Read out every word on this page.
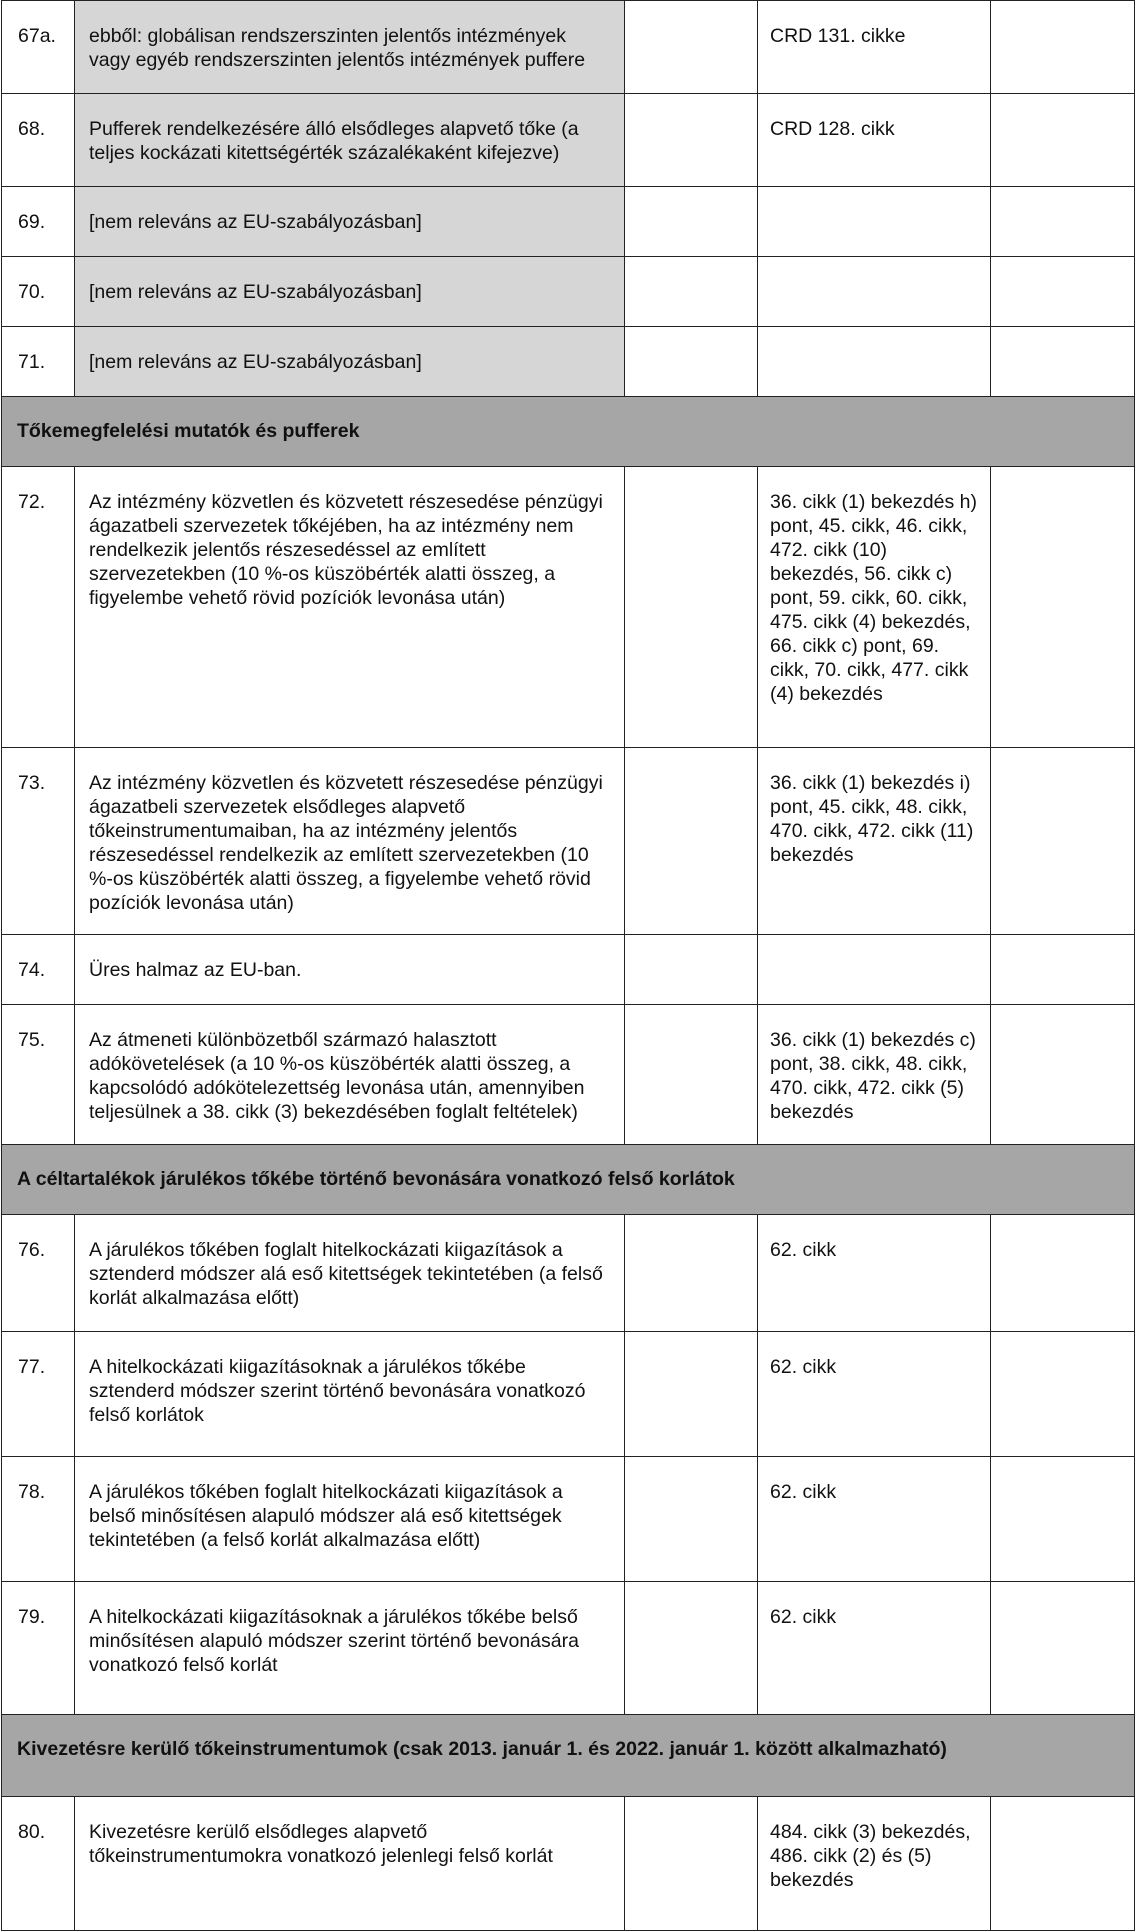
67a.	ebből: globálisan rendszerszinten jelentős intézmények vagy egyéb rendszerszinten jelentős intézmények puffere		CRD 131. cikke	
68.	Pufferek rendelkezésére álló elsődleges alapvető tőke (a teljes kockázati kitettségérték százalékaként kifejezve)		CRD 128. cikk	
69.	[nem releváns az EU-szabályozásban]			
70.	[nem releváns az EU-szabályozásban]			
71.	[nem releváns az EU-szabályozásban]			
Tőkemegfelelési mutatók és pufferek				
72.	Az intézmény közvetlen és közvetett részesedése pénzügyi ágazatbeli szervezetek tőkéjében, ha az intézmény nem rendelkezik jelentős részesedéssel az említett szervezetekben (10 %-os küszöbérték alatti összeg, a figyelembe vehető rövid pozíciók levonása után)		36. cikk (1) bekezdés h) pont, 45. cikk, 46. cikk, 472. cikk (10) bekezdés, 56. cikk c) pont, 59. cikk, 60. cikk, 475. cikk (4) bekezdés, 66. cikk c) pont, 69. cikk, 70. cikk, 477. cikk (4) bekezdés	
73.	Az intézmény közvetlen és közvetett részesedése pénzügyi ágazatbeli szervezetek elsődleges alapvető tőkeinstrumentumaiban, ha az intézmény jelentős részesedéssel rendelkezik az említett szervezetekben (10 %-os küszöbérték alatti összeg, a figyelembe vehető rövid pozíciók levonása után)		36. cikk (1) bekezdés i) pont, 45. cikk, 48. cikk, 470. cikk, 472. cikk (11) bekezdés	
74.	Üres halmaz az EU-ban.			
75.	Az átmeneti különbözetből származó halasztott adókövetelések (a 10 %-os küszöbérték alatti összeg, a kapcsolódó adókötelezettség levonása után, amennyiben teljesülnek a 38. cikk (3) bekezdésében foglalt feltételek)		36. cikk (1) bekezdés c) pont, 38. cikk, 48. cikk, 470. cikk, 472. cikk (5) bekezdés	
A céltartalékok járulékos tőkébe történő bevonására vonatkozó felső korlátok				
76.	A járulékos tőkében foglalt hitelkockázati kiigazítások a sztenderd módszer alá eső kitettségek tekintetében (a felső korlát alkalmazása előtt)		62. cikk	
77.	A hitelkockázati kiigazításoknak a járulékos tőkébe sztenderd módszer szerint történő bevonására vonatkozó felső korlátok		62. cikk	
78.	A járulékos tőkében foglalt hitelkockázati kiigazítások a belső minősítésen alapuló módszer alá eső kitettségek tekintetében (a felső korlát alkalmazása előtt)		62. cikk	
79.	A hitelkockázati kiigazításoknak a járulékos tőkébe belső minősítésen alapuló módszer szerint történő bevonására vonatkozó felső korlát		62. cikk	
Kivezetésre kerülő tőkeinstrumentumok (csak 2013. január 1. és 2022. január 1. között alkalmazható)				
80.	Kivezetésre kerülő elsődleges alapvető tőkeinstrumentumokra vonatkozó jelenlegi felső korlát		484. cikk (3) bekezdés, 486. cikk (2) és (5) bekezdés	
